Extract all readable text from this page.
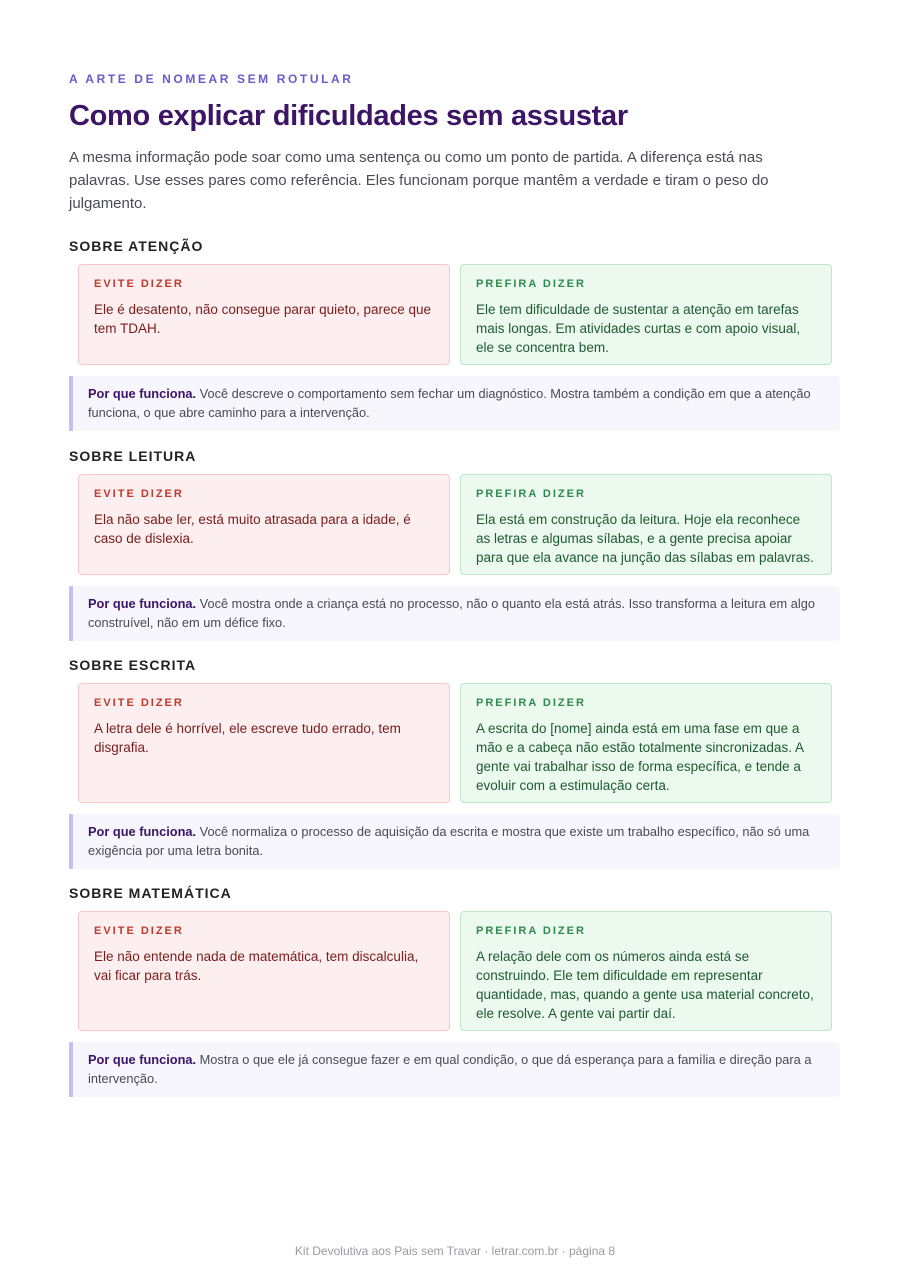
A ARTE DE NOMEAR SEM ROTULAR
Como explicar dificuldades sem assustar

A mesma informação pode soar como uma sentença ou como um ponto de partida. A diferença está nas palavras. Use esses pares como referência. Eles funcionam porque mantêm a verdade e tiram o peso do julgamento.

SOBRE ATENÇÃO
EVITE DIZER
Ele é desatento, não consegue parar quieto, parece que tem TDAH.
PREFIRA DIZER
Ele tem dificuldade de sustentar a atenção em tarefas mais longas. Em atividades curtas e com apoio visual, ele se concentra bem.
Por que funciona. Você descreve o comportamento sem fechar um diagnóstico. Mostra também a condição em que a atenção funciona, o que abre caminho para a intervenção.
SOBRE LEITURA
EVITE DIZER
Ela não sabe ler, está muito atrasada para a idade, é caso de dislexia.
PREFIRA DIZER
Ela está em construção da leitura. Hoje ela reconhece as letras e algumas sílabas, e a gente precisa apoiar para que ela avance na junção das sílabas em palavras.
Por que funciona. Você mostra onde a criança está no processo, não o quanto ela está atrás. Isso transforma a leitura em algo construível, não em um défice fixo.
SOBRE ESCRITA
EVITE DIZER
A letra dele é horrível, ele escreve tudo errado, tem disgrafia.
PREFIRA DIZER
A escrita do [nome] ainda está em uma fase em que a mão e a cabeça não estão totalmente sincronizadas. A gente vai trabalhar isso de forma específica, e tende a evoluir com a estimulação certa.
Por que funciona. Você normaliza o processo de aquisição da escrita e mostra que existe um trabalho específico, não só uma exigência por uma letra bonita.
SOBRE MATEMÁTICA
EVITE DIZER
Ele não entende nada de matemática, tem discalculia, vai ficar para trás.
PREFIRA DIZER
A relação dele com os números ainda está se construindo. Ele tem dificuldade em representar quantidade, mas, quando a gente usa material concreto, ele resolve. A gente vai partir daí.
Por que funciona. Mostra o que ele já consegue fazer e em qual condição, o que dá esperança para a família e direção para a intervenção.
Kit Devolutiva aos Pais sem Travar · letrar.com.br · página 8
